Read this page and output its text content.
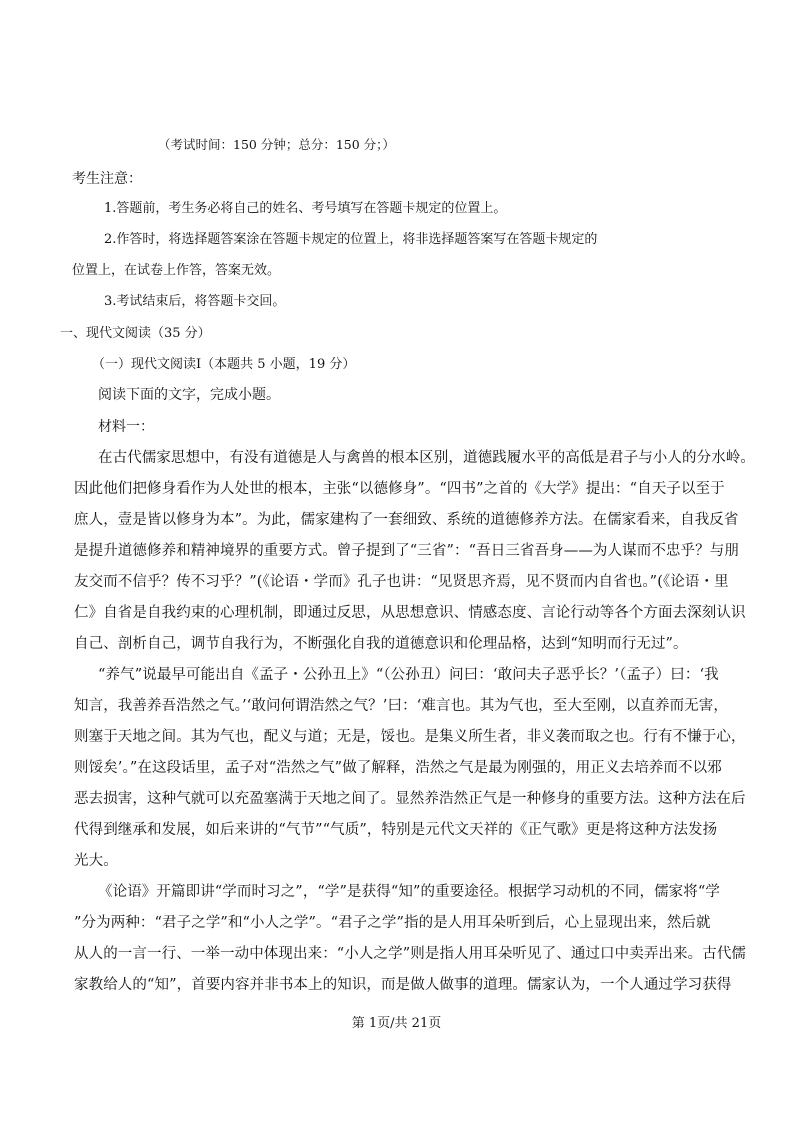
（考试时间：150 分钟；总分：150 分；）
考生注意：
1.答题前，考生务必将自己的姓名、考号填写在答题卡规定的位置上。
2.作答时，将选择题答案涂在答题卡规定的位置上，将非选择题答案写在答题卡规定的
位置上，在试卷上作答，答案无效。
3.考试结束后，将答题卡交回。
一、现代文阅读（35 分）
（一）现代文阅读Ⅰ（本题共 5 小题，19 分）
阅读下面的文字，完成小题。
材料一：
在古代儒家思想中，有没有道德是人与禽兽的根本区别，道德践履水平的高低是君子与小人的分水岭。
因此他们把修身看作为人处世的根本，主张“以德修身”。“四书”之首的《大学》提出：“自天子以至于
庶人，壹是皆以修身为本”。为此，儒家建构了一套细致、系统的道德修养方法。在儒家看来，自我反省
是提升道德修养和精神境界的重要方式。曾子提到了“三省”：“吾日三省吾身——为人谋而不忠乎？与朋
友交而不信乎？传不习乎？”(《论语・学而》孔子也讲：“见贤思齐焉，见不贤而内自省也。”(《论语・里
仁》自省是自我约束的心理机制，即通过反思，从思想意识、情感态度、言论行动等各个方面去深刻认识
自己、剖析自己，调节自我行为，不断强化自我的道德意识和伦理品格，达到“知明而行无过”。
“养气”说最早可能出自《孟子・公孙丑上》“（公孙丑）问曰：‘敢问夫子恶乎长？’（孟子）曰：‘我
知言，我善养吾浩然之气。’‘敢问何谓浩然之气？’曰：‘难言也。其为气也，至大至刚，以直养而无害，
则塞于天地之间。其为气也，配义与道；无是，馁也。是集义所生者，非义袭而取之也。行有不慊于心，
则馁矣’。”在这段话里，孟子对“浩然之气”做了解释，浩然之气是最为刚强的，用正义去培养而不以邪
恶去损害，这种气就可以充盈塞满于天地之间了。显然养浩然正气是一种修身的重要方法。这种方法在后
代得到继承和发展，如后来讲的“气节”“气质”，特别是元代文天祥的《正气歌》更是将这种方法发扬
光大。
《论语》开篇即讲“学而时习之”，“学”是获得“知”的重要途径。根据学习动机的不同，儒家将“学
”分为两种：“君子之学”和“小人之学”。“君子之学”指的是人用耳朵听到后，心上显现出来，然后就
从人的一言一行、一举一动中体现出来：“小人之学”则是指人用耳朵听见了、通过口中卖弄出来。古代儒
家教给人的“知”，首要内容并非书本上的知识，而是做人做事的道理。儒家认为，一个人通过学习获得
第 1页/共 21页
